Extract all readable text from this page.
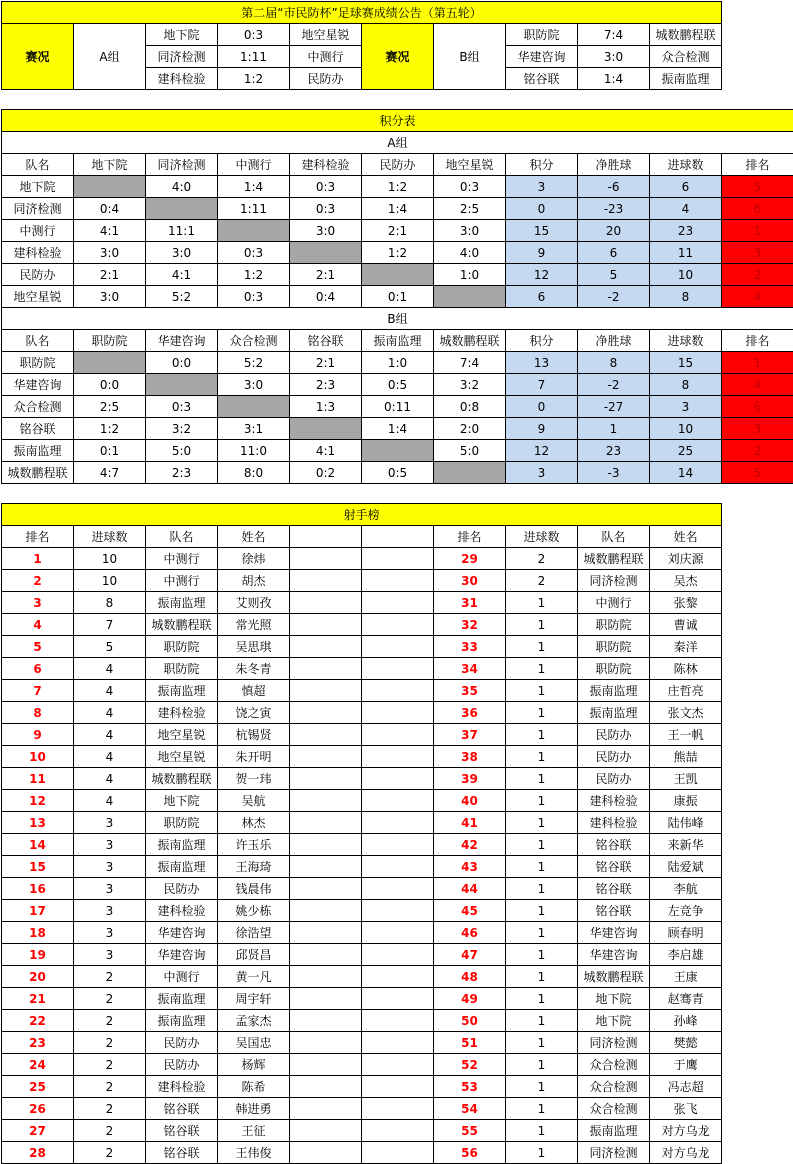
第二届“市民防杯”足球赛成绩公告（第五轮）									
赛况	A组	地下院	0:3	地空星锐	赛况	B组	职防院	7:4	城数鹏程联
		同济检测	1:11	中测行			华建咨询	3:0	众合检测
		建科检验	1:2	民防办			铭谷联	1:4	振南监理
积分表										
A组										
队名	地下院	同济检测	中测行	建科检验	民防办	地空星锐	积分	净胜球	进球数	排名
地下院		4:0	1:4	0:3	1:2	0:3	3	-6	6	5
同济检测	0:4		1:11	0:3	1:4	2:5	0	-23	4	6
中测行	4:1	11:1		3:0	2:1	3:0	15	20	23	1
建科检验	3:0	3:0	0:3		1:2	4:0	9	6	11	3
民防办	2:1	4:1	1:2	2:1		1:0	12	5	10	2
地空星锐	3:0	5:2	0:3	0:4	0:1		6	-2	8	4
B组										
队名	职防院	华建咨询	众合检测	铭谷联	振南监理	城数鹏程联	积分	净胜球	进球数	排名
职防院		0:0	5:2	2:1	1:0	7:4	13	8	15	1
华建咨询	0:0		3:0	2:3	0:5	3:2	7	-2	8	4
众合检测	2:5	0:3		1:3	0:11	0:8	0	-27	3	6
铭谷联	1:2	3:2	3:1		1:4	2:0	9	1	10	3
振南监理	0:1	5:0	11:0	4:1		5:0	12	23	25	2
城数鹏程联	4:7	2:3	8:0	0:2	0:5		3	-3	14	5
射手榜									
排名	进球数	队名	姓名			排名	进球数	队名	姓名
1	10	中测行	徐炜			29	2	城数鹏程联	刘庆源
2	10	中测行	胡杰			30	2	同济检测	吴杰
3	8	振南监理	艾则孜			31	1	中测行	张黎
4	7	城数鹏程联	常光照			32	1	职防院	曹诚
5	5	职防院	吴思琪			33	1	职防院	秦洋
6	4	职防院	朱冬青			34	1	职防院	陈林
7	4	振南监理	慎超			35	1	振南监理	庄哲亮
8	4	建科检验	饶之寅			36	1	振南监理	张文杰
9	4	地空星锐	杭锡贤			37	1	民防办	王一帆
10	4	地空星锐	朱开明			38	1	民防办	熊喆
11	4	城数鹏程联	贺一玮			39	1	民防办	王凯
12	4	地下院	吴航			40	1	建科检验	康振
13	3	职防院	林杰			41	1	建科检验	陆伟峰
14	3	振南监理	许玉乐			42	1	铭谷联	来新华
15	3	振南监理	王海琦			43	1	铭谷联	陆爱斌
16	3	民防办	钱晨伟			44	1	铭谷联	李航
17	3	建科检验	姚少栋			45	1	铭谷联	左竞争
18	3	华建咨询	徐浩望			46	1	华建咨询	顾春明
19	3	华建咨询	邱贤昌			47	1	华建咨询	李启雄
20	2	中测行	黄一凡			48	1	城数鹏程联	王康
21	2	振南监理	周宇轩			49	1	地下院	赵骞青
22	2	振南监理	孟家杰			50	1	地下院	孙峰
23	2	民防办	吴国忠			51	1	同济检测	樊懿
24	2	民防办	杨辉			52	1	众合检测	于鹰
25	2	建科检验	陈希			53	1	众合检测	冯志超
26	2	铭谷联	韩进勇			54	1	众合检测	张飞
27	2	铭谷联	王征			55	1	振南监理	对方乌龙
28	2	铭谷联	王伟俊			56	1	同济检测	对方乌龙
